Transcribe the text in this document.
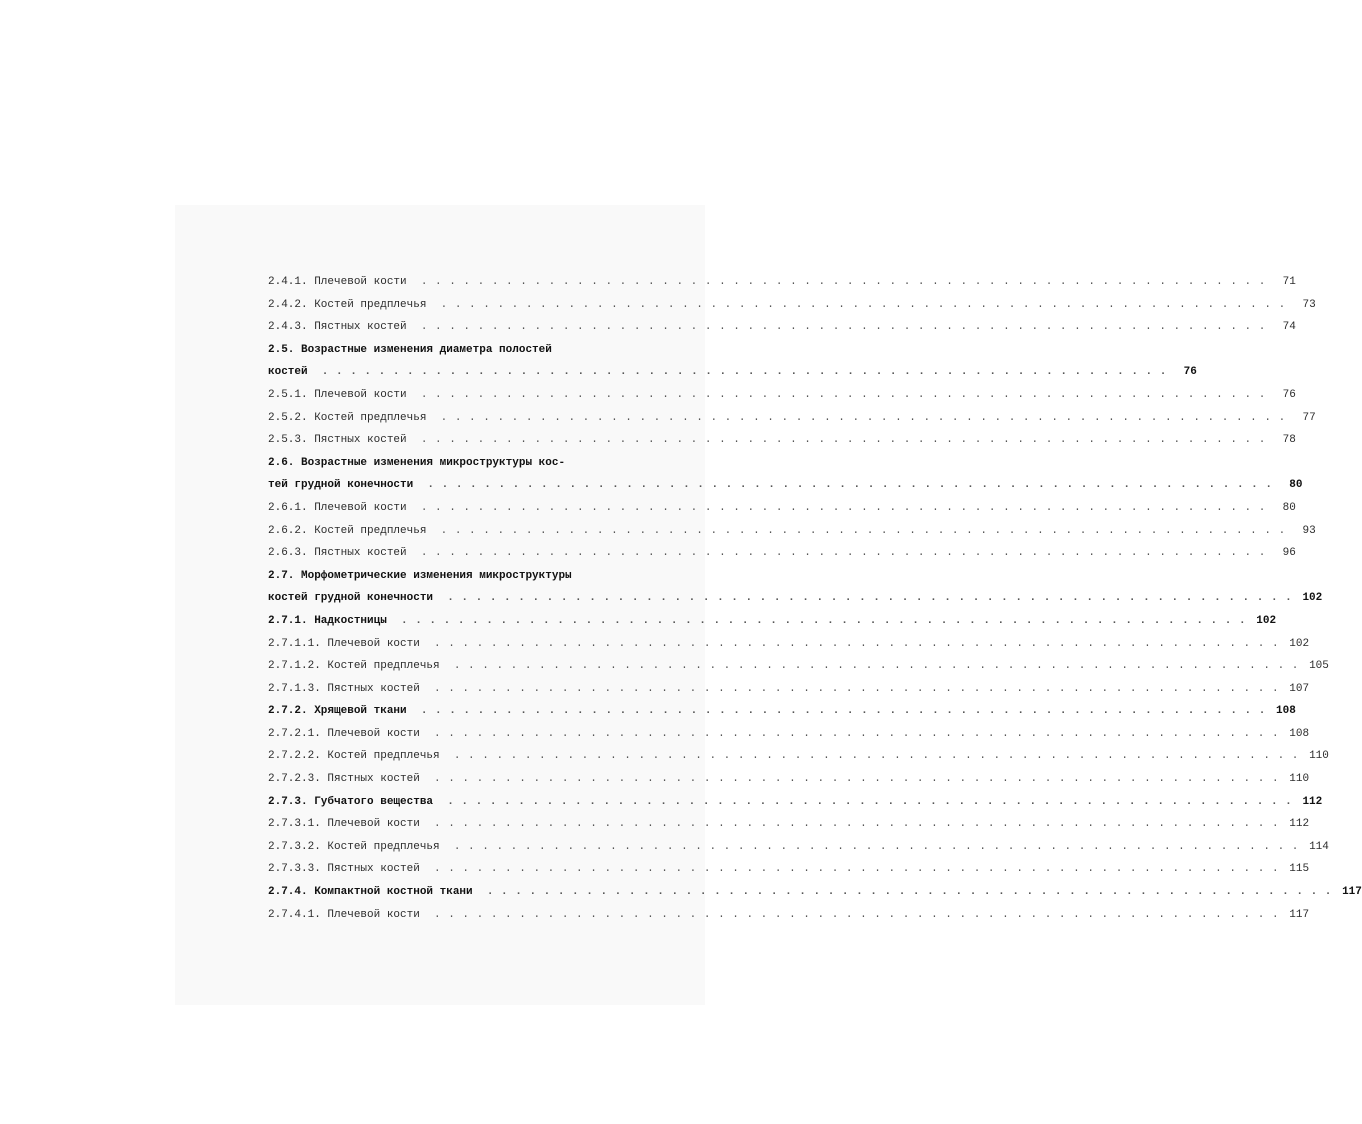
2.4.1. Плечевой кости . . . . . . . . . . . . . . . . . . . . . . . . . . . . . . . . . . . . . . . . . . . . . . . . . . . . . . . . . . . .	71
2.4.2. Костей предплечья . . . . . . . . . . . . . . . . . . . . . . . . . . . . . . . . . . . . . . . . . . . . . . . . . . . . . . . . . . . .	73
2.4.3. Пястных костей . . . . . . . . . . . . . . . . . . . . . . . . . . . . . . . . . . . . . . . . . . . . . . . . . . . . . . . . . . . .	74
2.5. Возрастные изменения диаметра полостей
костей . . . . . . . . . . . . . . . . . . . . . . . . . . . . . . . . . . . . . . . . . . . . . . . . . . . . . . . . . . . .	76
2.5.1. Плечевой кости . . . . . . . . . . . . . . . . . . . . . . . . . . . . . . . . . . . . . . . . . . . . . . . . . . . . . . . . . . . .	76
2.5.2. Костей предплечья . . . . . . . . . . . . . . . . . . . . . . . . . . . . . . . . . . . . . . . . . . . . . . . . . . . . . . . . . . . .	77
2.5.3. Пястных костей . . . . . . . . . . . . . . . . . . . . . . . . . . . . . . . . . . . . . . . . . . . . . . . . . . . . . . . . . . . .	78
2.6. Возрастные изменения микроструктуры кос-
тей грудной конечности . . . . . . . . . . . . . . . . . . . . . . . . . . . . . . . . . . . . . . . . . . . . . . . . . . . . . . . . . . . .	80
2.6.1. Плечевой кости . . . . . . . . . . . . . . . . . . . . . . . . . . . . . . . . . . . . . . . . . . . . . . . . . . . . . . . . . . . .	80
2.6.2. Костей предплечья . . . . . . . . . . . . . . . . . . . . . . . . . . . . . . . . . . . . . . . . . . . . . . . . . . . . . . . . . . . .	93
2.6.3. Пястных костей . . . . . . . . . . . . . . . . . . . . . . . . . . . . . . . . . . . . . . . . . . . . . . . . . . . . . . . . . . . .	96
2.7. Морфометрические изменения микроструктуры
костей грудной конечности . . . . . . . . . . . . . . . . . . . . . . . . . . . . . . . . . . . . . . . . . . . . . . . . . . . . . . . . . . . . 102
2.7.1. Надкостницы . . . . . . . . . . . . . . . . . . . . . . . . . . . . . . . . . . . . . . . . . . . . . . . . . . . . . . . . . . . . 102
2.7.1.1. Плечевой кости . . . . . . . . . . . . . . . . . . . . . . . . . . . . . . . . . . . . . . . . . . . . . . . . . . . . . . . . . . . . 102
2.7.1.2. Костей предплечья . . . . . . . . . . . . . . . . . . . . . . . . . . . . . . . . . . . . . . . . . . . . . . . . . . . . . . . . . . . . 105
2.7.1.3. Пястных костей . . . . . . . . . . . . . . . . . . . . . . . . . . . . . . . . . . . . . . . . . . . . . . . . . . . . . . . . . . . . 107
2.7.2. Хрящевой ткани . . . . . . . . . . . . . . . . . . . . . . . . . . . . . . . . . . . . . . . . . . . . . . . . . . . . . . . . . . . . 108
2.7.2.1. Плечевой кости . . . . . . . . . . . . . . . . . . . . . . . . . . . . . . . . . . . . . . . . . . . . . . . . . . . . . . . . . . . . 108
2.7.2.2. Костей предплечья . . . . . . . . . . . . . . . . . . . . . . . . . . . . . . . . . . . . . . . . . . . . . . . . . . . . . . . . . . . . 110
2.7.2.3. Пястных костей . . . . . . . . . . . . . . . . . . . . . . . . . . . . . . . . . . . . . . . . . . . . . . . . . . . . . . . . . . . . 110
2.7.3. Губчатого вещества . . . . . . . . . . . . . . . . . . . . . . . . . . . . . . . . . . . . . . . . . . . . . . . . . . . . . . . . . . . . 112
2.7.3.1. Плечевой кости . . . . . . . . . . . . . . . . . . . . . . . . . . . . . . . . . . . . . . . . . . . . . . . . . . . . . . . . . . . . 112
2.7.3.2. Костей предплечья . . . . . . . . . . . . . . . . . . . . . . . . . . . . . . . . . . . . . . . . . . . . . . . . . . . . . . . . . . . . 114
2.7.3.3. Пястных костей . . . . . . . . . . . . . . . . . . . . . . . . . . . . . . . . . . . . . . . . . . . . . . . . . . . . . . . . . . . . 115
2.7.4. Компактной костной ткани . . . . . . . . . . . . . . . . . . . . . . . . . . . . . . . . . . . . . . . . . . . . . . . . . . . . . . . . . . . . 117
2.7.4.1. Плечевой кости . . . . . . . . . . . . . . . . . . . . . . . . . . . . . . . . . . . . . . . . . . . . . . . . . . . . . . . . . . . . 117
